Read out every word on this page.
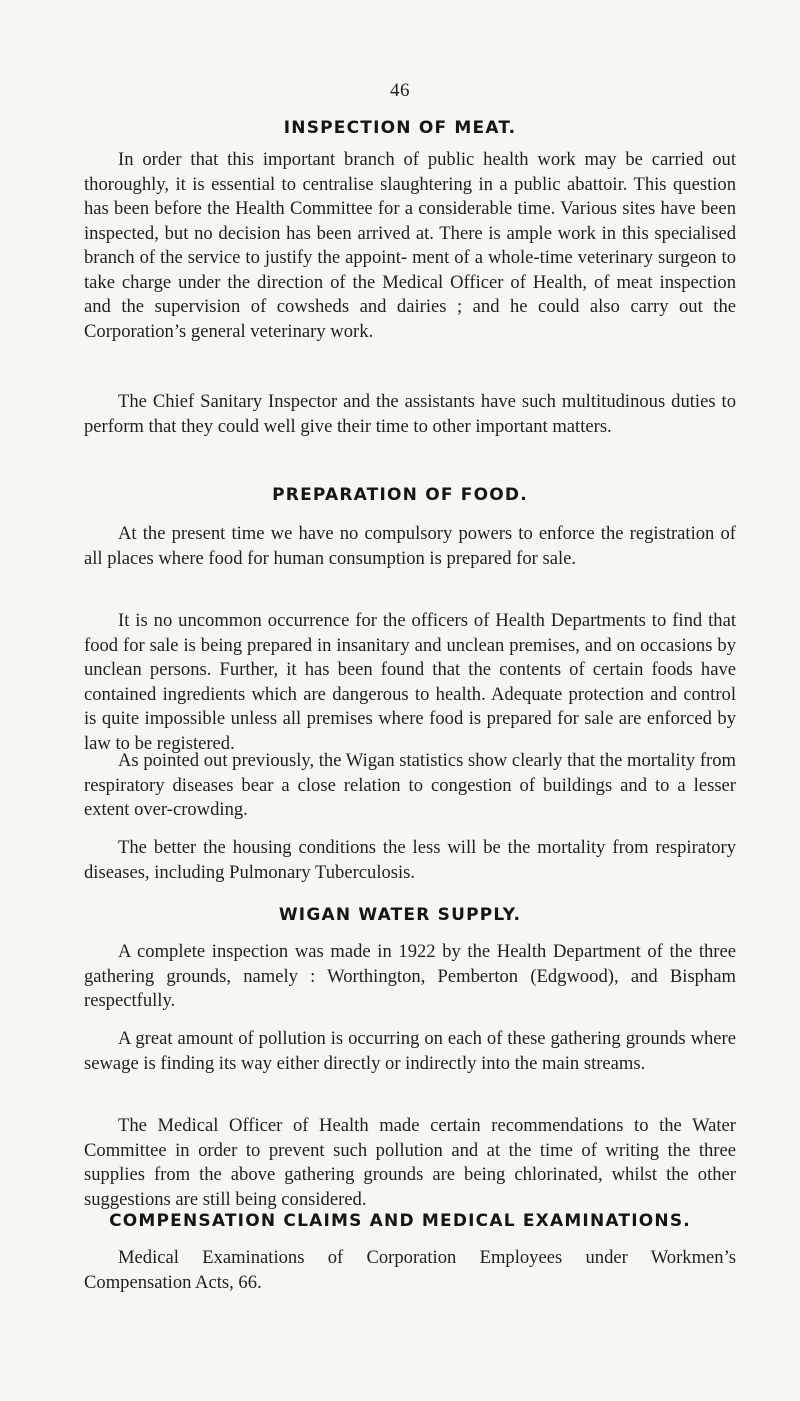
46
INSPECTION OF MEAT.

In order that this important branch of public health work may be carried out thoroughly, it is essential to centralise slaughtering in a public abattoir. This question has been before the Health Committee for a considerable time. Various sites have been inspected, but no decision has been arrived at. There is ample work in this specialised branch of the service to justify the appoint- ment of a whole-time veterinary surgeon to take charge under the direction of the Medical Officer of Health, of meat inspection and the supervision of cowsheds and dairies ; and he could also carry out the Corporation’s general veterinary work.

The Chief Sanitary Inspector and the assistants have such multitudinous duties to perform that they could well give their time to other important matters.

PREPARATION OF FOOD.

At the present time we have no compulsory powers to enforce the registration of all places where food for human consumption is prepared for sale.

It is no uncommon occurrence for the officers of Health Departments to find that food for sale is being prepared in insanitary and unclean premises, and on occasions by unclean persons. Further, it has been found that the contents of certain foods have contained ingredients which are dangerous to health. Adequate protection and control is quite impossible unless all premises where food is prepared for sale are enforced by law to be registered.

As pointed out previously, the Wigan statistics show clearly that the mortality from respiratory diseases bear a close relation to congestion of buildings and to a lesser extent over-crowding.

The better the housing conditions the less will be the mortality from respiratory diseases, including Pulmonary Tuberculosis.

WIGAN WATER SUPPLY.

A complete inspection was made in 1922 by the Health Department of the three gathering grounds, namely : Worthington, Pemberton (Edgwood), and Bispham respectfully.

A great amount of pollution is occurring on each of these gathering grounds where sewage is finding its way either directly or indirectly into the main streams.

The Medical Officer of Health made certain recommendations to the Water Committee in order to prevent such pollution and at the time of writing the three supplies from the above gathering grounds are being chlorinated, whilst the other suggestions are still being considered.

COMPENSATION CLAIMS AND MEDICAL EXAMINATIONS.

Medical Examinations of Corporation Employees under Workmen’s Compensation Acts, 66.
